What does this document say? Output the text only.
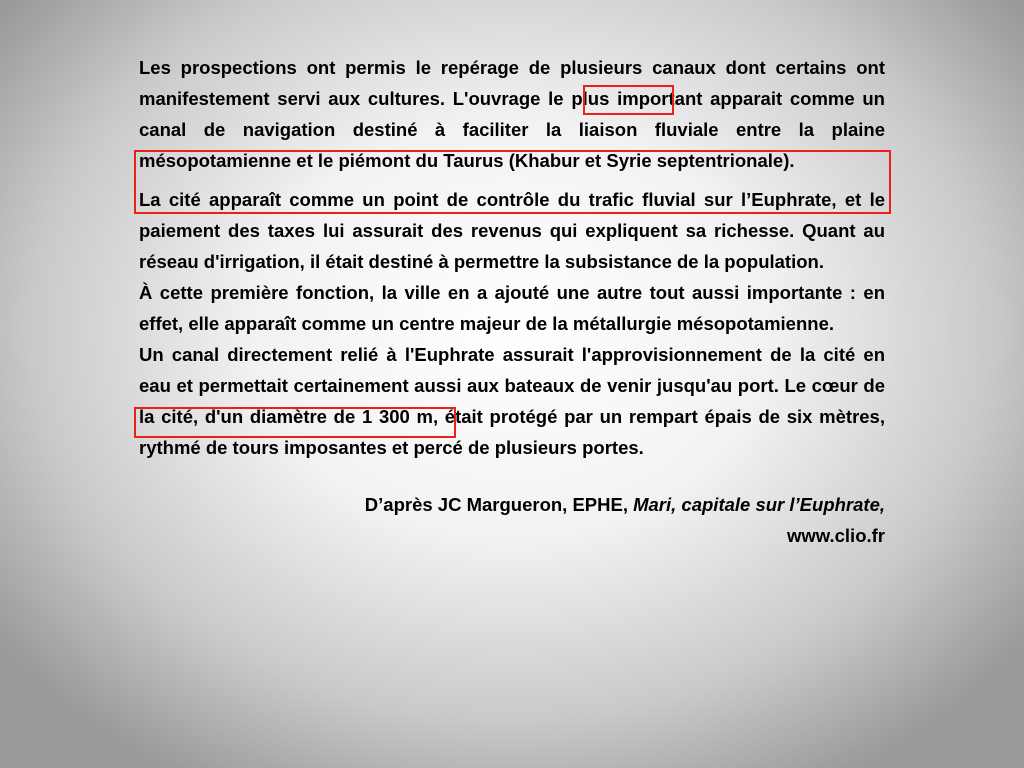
Les prospections ont permis le repérage de plusieurs canaux dont certains ont manifestement servi aux cultures. L'ouvrage le plus important apparait comme un canal de navigation destiné à faciliter la liaison fluviale entre la plaine mésopotamienne et le piémont du Taurus (Khabur et Syrie septentrionale).

La cité apparaît comme un point de contrôle du trafic fluvial sur l’Euphrate, et le paiement des taxes lui assurait des revenus qui expliquent sa richesse. Quant au réseau d'irrigation, il était destiné à permettre la subsistance de la population.

À cette première fonction, la ville en a ajouté une autre tout aussi importante : en effet, elle apparaît comme un centre majeur de la métallurgie mésopotamienne.

Un canal directement relié à l'Euphrate assurait l'approvisionnement de la cité en eau et permettait certainement aussi aux bateaux de venir jusqu'au port. Le cœur de la cité, d'un diamètre de 1 300 m, était protégé par un rempart épais de six mètres, rythmé de tours imposantes et percé de plusieurs portes.

D’après JC Margueron, EPHE, Mari, capitale sur l’Euphrate,
www.clio.fr
